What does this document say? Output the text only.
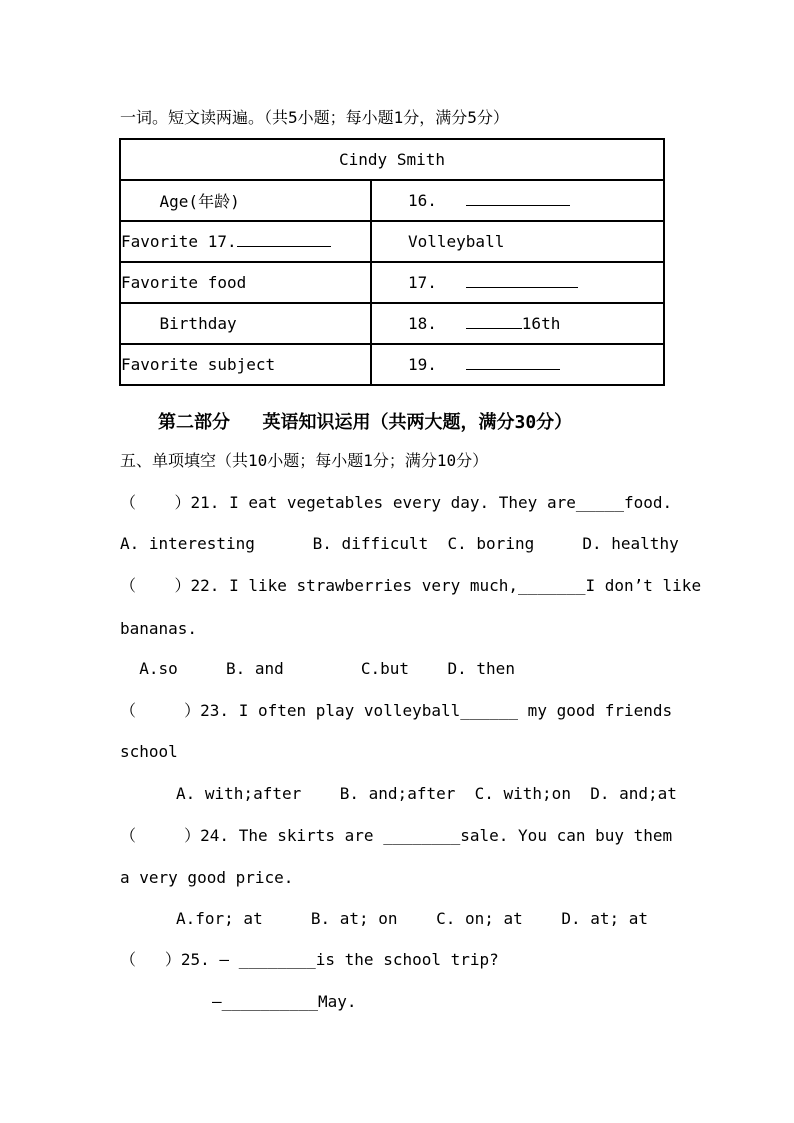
一词。短文读两遍。（共5小题；每小题1分，满分5分）
Cindy Smith	
Age(年龄)	16.
Favorite 17.	Volleyball
Favorite food	17.
Birthday	18. 16th
Favorite subject	19.
第二部分   英语知识运用（共两大题，满分30分）
五、单项填空（共10小题；每小题1分；满分10分）
（    ）21. I eat vegetables every day. They are_____food.
A. interesting      B. difficult  C. boring     D. healthy
（    ）22. I like strawberries very much,_______I don’t like
bananas.
A.so     B. and        C.but    D. then
（     ）23. I often play volleyball______ my good friends
school
A. with;after    B. and;after  C. with;on  D. and;at
（     ）24. The skirts are ________sale. You can buy them
a very good price.
A.for; at     B. at; on    C. on; at    D. at; at
（   ）25. – ________is the school trip?
–__________May.
